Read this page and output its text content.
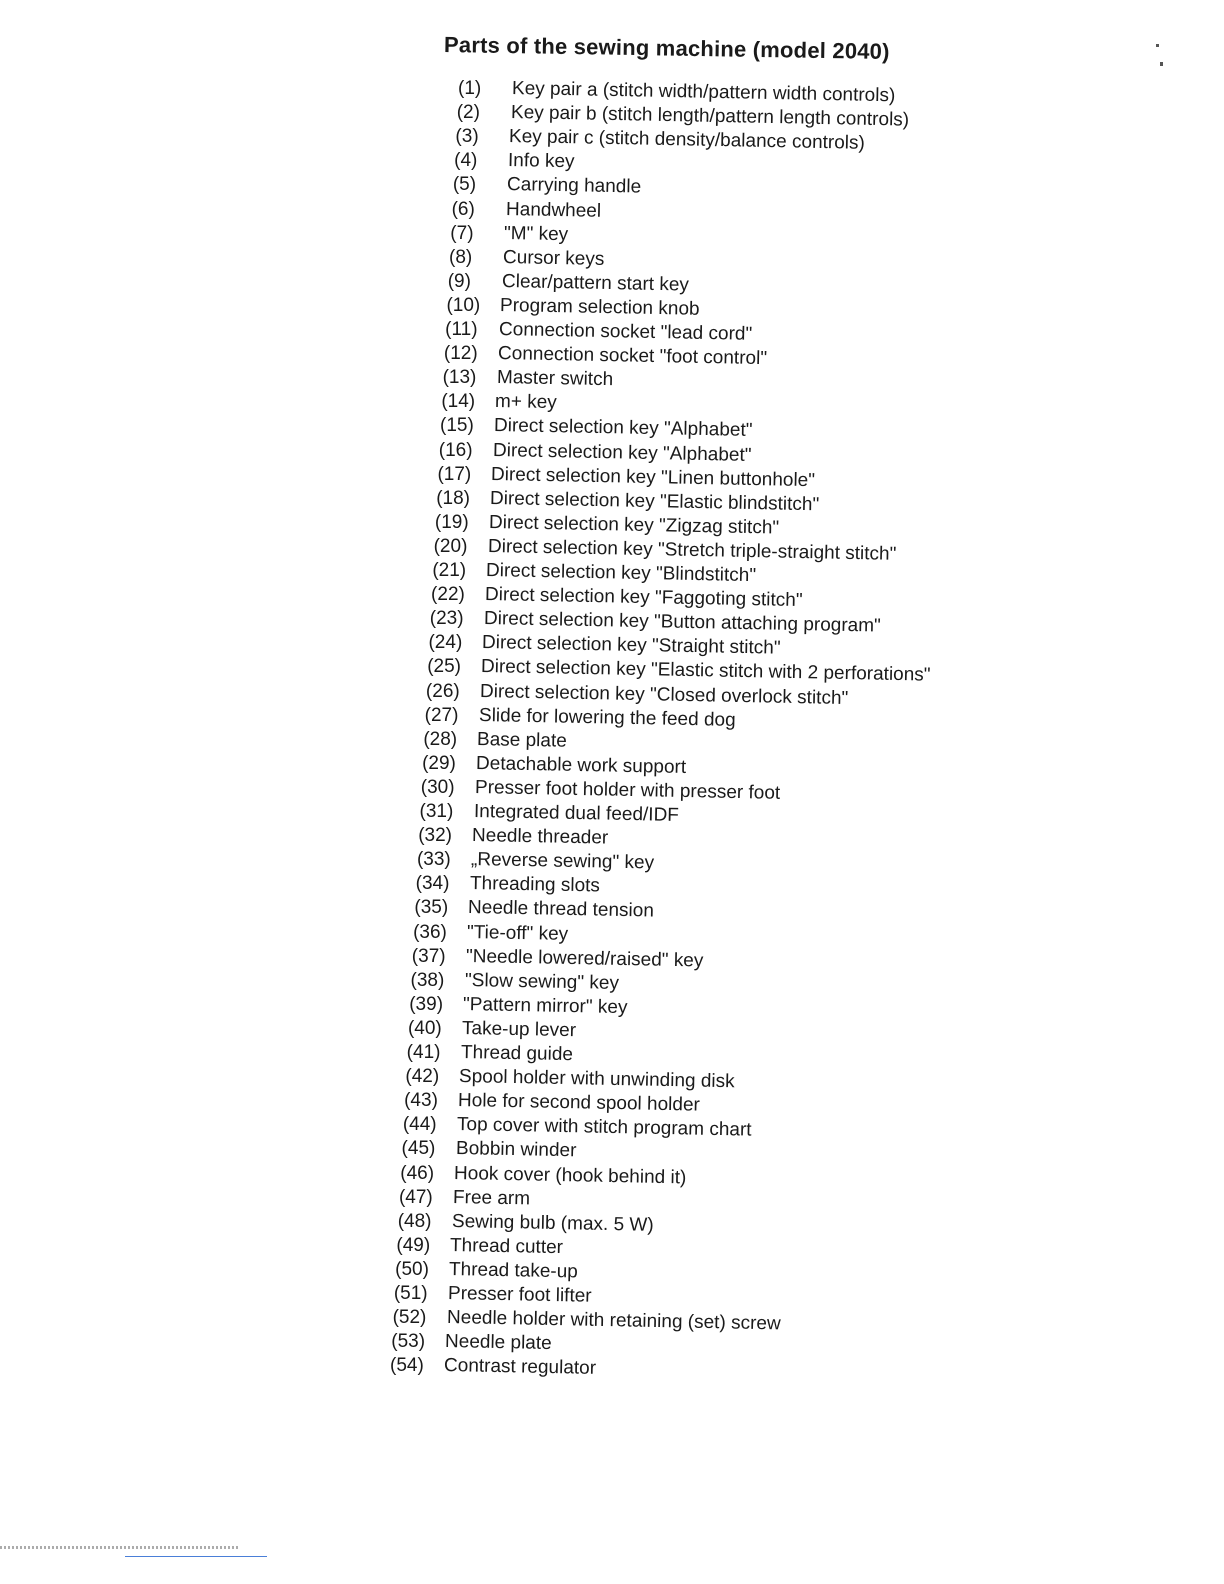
Parts of the sewing machine (model 2040)
(1)	Key pair a (stitch width/pattern width controls)
(2)	Key pair b (stitch length/pattern length controls)
(3)	Key pair c (stitch density/balance controls)
(4)	Info key
(5)	Carrying handle
(6)	Handwheel
(7)	"M" key
(8)	Cursor keys
(9)	Clear/pattern start key
(10)	Program selection knob
(11)	Connection socket "lead cord"
(12)	Connection socket "foot control"
(13)	Master switch
(14)	m+ key
(15)	Direct selection key "Alphabet"
(16)	Direct selection key "Alphabet"
(17)	Direct selection key "Linen buttonhole"
(18)	Direct selection key "Elastic blindstitch"
(19)	Direct selection key "Zigzag stitch"
(20)	Direct selection key "Stretch triple-straight stitch"
(21)	Direct selection key "Blindstitch"
(22)	Direct selection key "Faggoting stitch"
(23)	Direct selection key "Button attaching program"
(24)	Direct selection key "Straight stitch"
(25)	Direct selection key "Elastic stitch with 2 perforations"
(26)	Direct selection key "Closed overlock stitch"
(27)	Slide for lowering the feed dog
(28)	Base plate
(29)	Detachable work support
(30)	Presser foot holder with presser foot
(31)	Integrated dual feed/IDF
(32)	Needle threader
(33)	„Reverse sewing" key
(34)	Threading slots
(35)	Needle thread tension
(36)	"Tie-off" key
(37)	"Needle lowered/raised" key
(38)	"Slow sewing" key
(39)	"Pattern mirror" key
(40)	Take-up lever
(41)	Thread guide
(42)	Spool holder with unwinding disk
(43)	Hole for second spool holder
(44)	Top cover with stitch program chart
(45)	Bobbin winder
(46)	Hook cover (hook behind it)
(47)	Free arm
(48)	Sewing bulb (max. 5 W)
(49)	Thread cutter
(50)	Thread take-up
(51)	Presser foot lifter
(52)	Needle holder with retaining (set) screw
(53)	Needle plate
(54)	Contrast regulator
